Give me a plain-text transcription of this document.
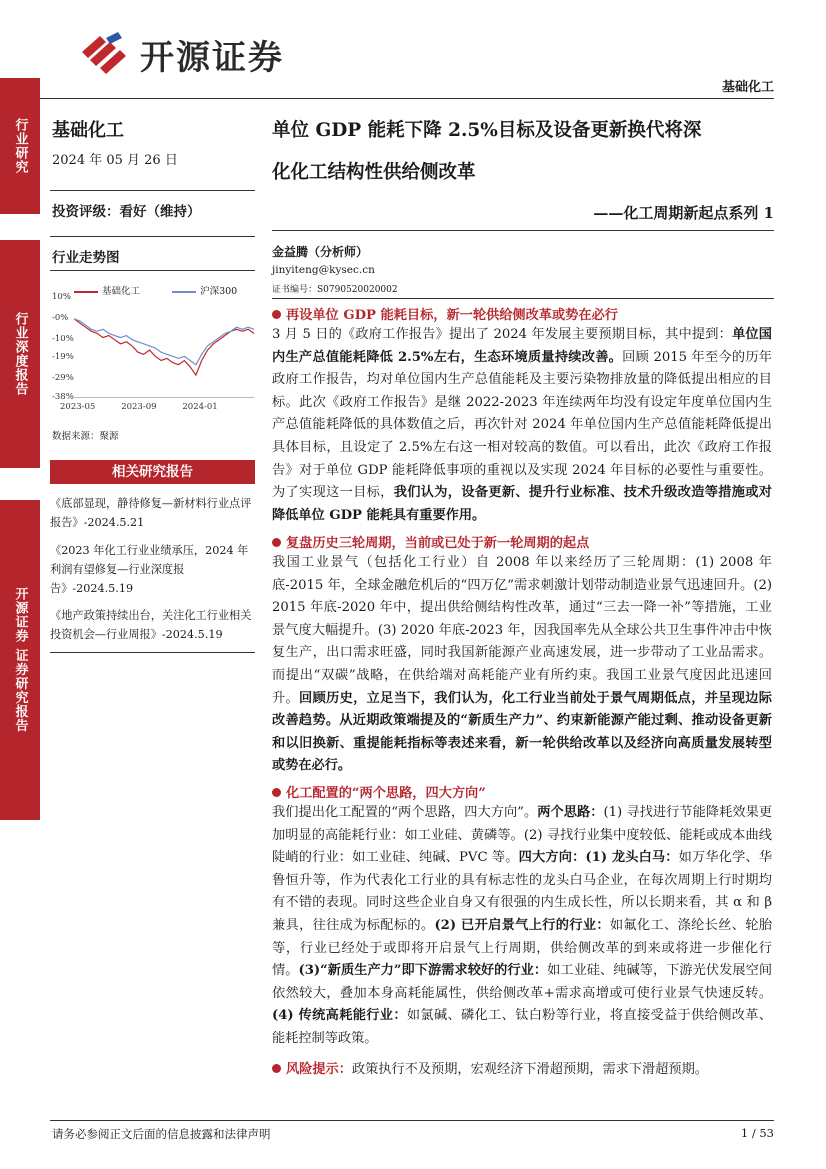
开源证券
基础化工
行业研究
行业深度报告
开源证券 证券研究报告
基础化工
2024 年 05 月 26 日
投资评级：看好（维持）
行业走势图
基础化工	沪深300
10%
-0%
-10%
-19%
-29%
-38%
2023-05	2023-09	2024-01
数据来源：聚源
相关研究报告
《底部显现，静待修复—新材料行业点评报告》-2024.5.21
《2023 年化工行业业绩承压，2024 年利润有望修复—行业深度报告》-2024.5.19
《地产政策持续出台，关注化工行业相关投资机会—行业周报》-2024.5.19
单位 GDP 能耗下降 2.5%目标及设备更新换代将深
化化工结构性供给侧改革
——化工周期新起点系列 1
金益腾（分析师）
jinyiteng@kysec.cn
证书编号：S0790520020002
再设单位 GDP 能耗目标，新一轮供给侧改革或势在必行

3 月 5 日的《政府工作报告》提出了 2024 年发展主要预期目标，其中提到：单位国内生产总值能耗降低 2.5%左右，生态环境质量持续改善。回顾 2015 年至今的历年政府工作报告，均对单位国内生产总值能耗及主要污染物排放量的降低提出相应的目标。此次《政府工作报告》是继 2022-2023 年连续两年均没有设定年度单位国内生产总值能耗降低的具体数值之后，再次针对 2024 年单位国内生产总值能耗降低提出具体目标，且设定了 2.5%左右这一相对较高的数值。可以看出，此次《政府工作报告》对于单位 GDP 能耗降低事项的重视以及实现 2024 年目标的必要性与重要性。为了实现这一目标，我们认为，设备更新、提升行业标准、技术升级改造等措施或对降低单位 GDP 能耗具有重要作用。

复盘历史三轮周期，当前或已处于新一轮周期的起点

我国工业景气（包括化工行业）自 2008 年以来经历了三轮周期：(1) 2008 年底-2015 年，全球金融危机后的“四万亿”需求刺激计划带动制造业景气迅速回升。(2) 2015 年底-2020 年中，提出供给侧结构性改革，通过“三去一降一补”等措施，工业景气度大幅提升。(3) 2020 年底-2023 年，因我国率先从全球公共卫生事件冲击中恢复生产，出口需求旺盛，同时我国新能源产业高速发展，进一步带动了工业品需求。而提出“双碳”战略，在供给端对高耗能产业有所约束。我国工业景气度因此迅速回升。回顾历史，立足当下，我们认为，化工行业当前处于景气周期低点，并呈现边际改善趋势。从近期政策端提及的“新质生产力”、约束新能源产能过剩、推动设备更新和以旧换新、重提能耗指标等表述来看，新一轮供给改革以及经济向高质量发展转型或势在必行。

化工配置的“两个思路，四大方向”

我们提出化工配置的“两个思路，四大方向”。两个思路：(1) 寻找进行节能降耗效果更加明显的高能耗行业：如工业硅、黄磷等。(2) 寻找行业集中度较低、能耗或成本曲线陡峭的行业：如工业硅、纯碱、PVC 等。四大方向：(1) 龙头白马：如万华化学、华鲁恒升等，作为代表化工行业的具有标志性的龙头白马企业，在每次周期上行时期均有不错的表现。同时这些企业自身又有很强的内生成长性，所以长期来看，其 α 和 β 兼具，往往成为标配标的。(2) 已开启景气上行的行业：如氟化工、涤纶长丝、轮胎等，行业已经处于或即将开启景气上行周期，供给侧改革的到来或将进一步催化行情。(3)“新质生产力”即下游需求较好的行业：如工业硅、纯碱等，下游光伏发展空间依然较大，叠加本身高耗能属性，供给侧改革+需求高增或可使行业景气快速反转。(4) 传统高耗能行业：如氯碱、磷化工、钛白粉等行业，将直接受益于供给侧改革、能耗控制等政策。

风险提示：政策执行不及预期，宏观经济下滑超预期，需求下滑超预期。
请务必参阅正文后面的信息披露和法律声明	1 / 53
